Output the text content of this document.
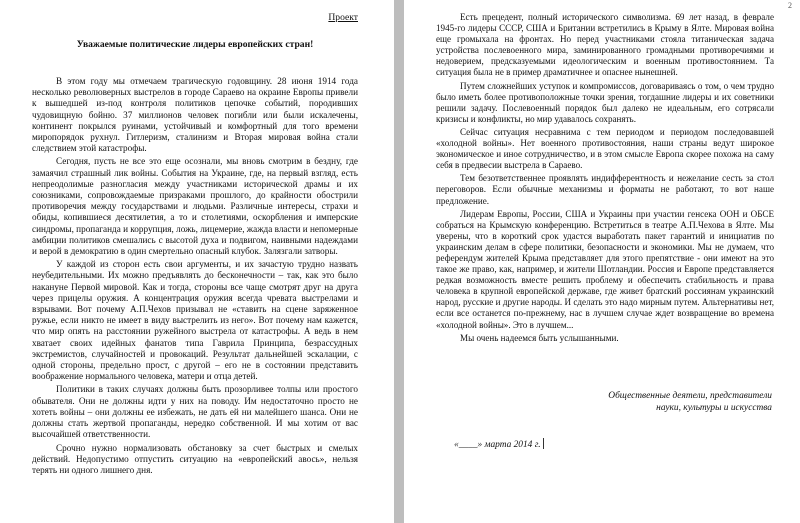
Проект
Уважаемые политические лидеры европейских стран!

В этом году мы отмечаем трагическую годовщину. 28 июня 1914 года несколько революверных выстрелов в городе Сараево на окраине Европы привели к вышедшей из-под контроля политиков цепочке событий, породивших чудовищную бойню. 37 миллионов человек погибли или были искалечены, континент покрылся руинами, устойчивый и комфортный для того времени миропорядок рухнул. Гитлеризм, сталинизм и Вторая мировая война стали следствием этой катастрофы.

Сегодня, пусть не все это еще осознали, мы вновь смотрим в бездну, где замаячил страшный лик войны. События на Украине, где, на первый взгляд, есть непреодолимые разногласия между участниками исторической драмы и их союзниками, сопровождаемые призраками прошлого, до крайности обострили противоречия между государствами и людьми. Различные интересы, страхи и обиды, копившиеся десятилетия, а то и столетиями, оскорбления и имперские синдромы, пропаганда и коррупция, ложь, лицемерие, жажда власти и непомерные амбиции политиков смешались с высотой духа и подвигом, наивными надеждами и верой в демократию в один смертельно опасный клубок. Залязгали затворы.

У каждой из сторон есть свои аргументы, и их зачастую трудно назвать неубедительными. Их можно предъявлять до бесконечности – так, как это было накануне Первой мировой. Как и тогда, стороны все чаще смотрят друг на друга через прицелы оружия. А концентрация оружия всегда чревата выстрелами и взрывами. Вот почему А.П.Чехов призывал не «ставить на сцене заряженное ружье, если никто не имеет в виду выстрелить из него». Вот почему нам кажется, что мир опять на расстоянии ружейного выстрела от катастрофы. А ведь в нем хватает своих идейных фанатов типа Гаврила Принципа, безрассудных экстремистов, случайностей и провокаций. Результат дальнейшей эскалации, с одной стороны, предельно прост, с другой – его не в состоянии представить воображение нормального человека, матери и отца детей.

Политики в таких случаях должны быть прозорливее толпы или простого обывателя. Они не должны идти у них на поводу. Им недостаточно просто не хотеть войны – они должны ее избежать, не дать ей ни малейшего шанса. Они не должны стать жертвой пропаганды, нередко собственной. И мы хотим от вас высочайшей ответственности.

Срочно нужно нормализовать обстановку за счет быстрых и смелых действий. Недопустимо отпустить ситуацию на «европейский авось», нельзя терять ни одного лишнего дня.

2

Есть прецедент, полный исторического символизма. 69 лет назад, в феврале 1945-го лидеры СССР, США и Британии встретились в Крыму в Ялте. Мировая война еще громыхала на фронтах. Но перед участниками стояла титаническая задача устройства послевоенного мира, заминированного громадными противоречиями и недоверием, предсказуемыми идеологическим и военным противостоянием. Та ситуация была не в пример драматичнее и опаснее нынешней.

Путем сложнейших уступок и компромиссов, договариваясь о том, о чем трудно было иметь более противоположные точки зрения, тогдашние лидеры и их советники решили задачу. Послевоенный порядок был далеко не идеальным, его сотрясали кризисы и конфликты, но мир удавалось сохранять.

Сейчас ситуация несравнима с тем периодом и периодом последовавшей «холодной войны». Нет военного противостояния, наши страны ведут широкое экономическое и иное сотрудничество, и в этом смысле Европа скорее похожа на саму себя в предвесии выстрела в Сараево.

Тем безответственнее проявлять индифферентность и нежелание сесть за стол переговоров. Если обычные механизмы и форматы не работают, то вот наше предложение.

Лидерам Европы, России, США и Украины при участии генсека ООН и ОБСЕ собраться на Крымскую конференцию. Встретиться в театре А.П.Чехова в Ялте. Мы уверены, что в короткий срок удастся выработать пакет гарантий и инициатив по украинским делам в сфере политики, безопасности и экономики. Мы не думаем, что референдум жителей Крыма представляет для этого препятствие - они имеют на это такое же право, как, например, и жители Шотландии. Россия и Европе представляется редкая возможность вместе решить проблему и обеспечить стабильность и права человека в крупной европейской державе, где живет братский россиянам украинский народ, русские и другие народы. И сделать это надо мирным путем. Альтернативы нет, если все останется по-прежнему, нас в лучшем случае ждет возвращение во времена «холодной войны». Это в лучшем...

Мы очень надеемся быть услышанными.

Общественные деятели, представители
науки, культуры и искусства
«____» марта 2014 г.
